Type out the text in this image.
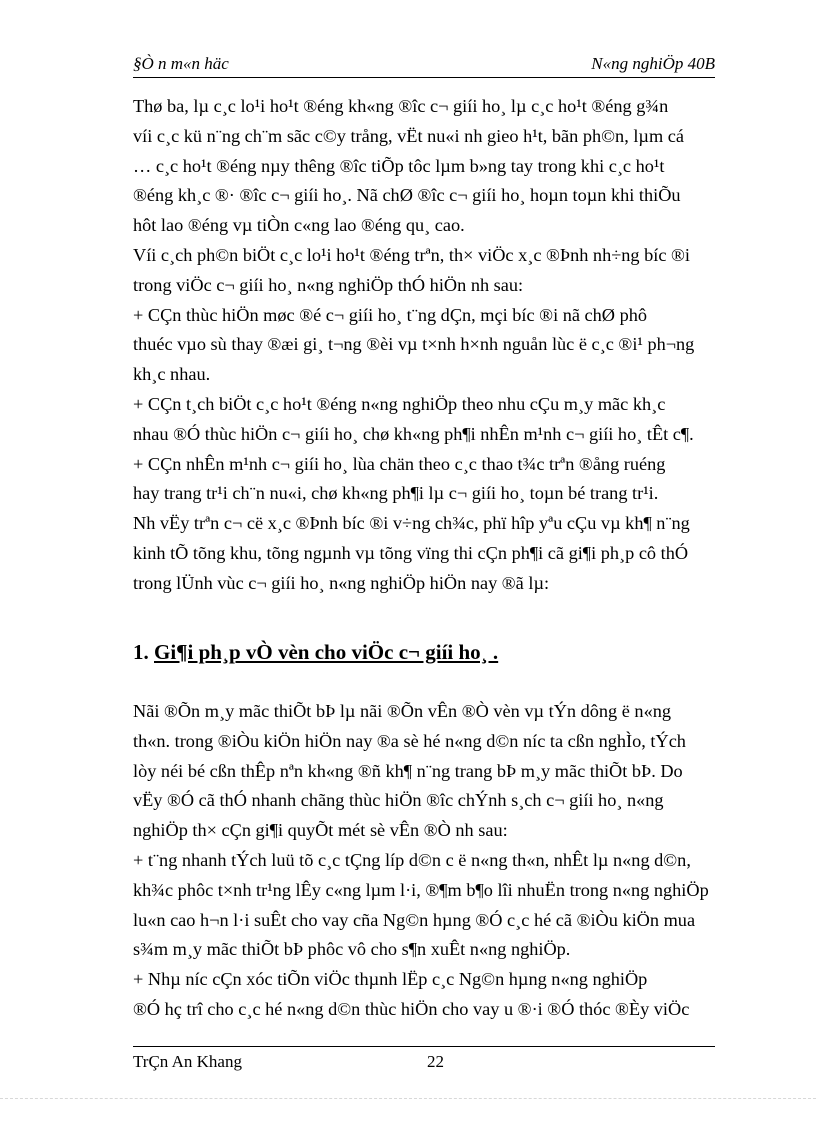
§Ò n m«n häc	N«ng nghiÖp 40B

Thø ba, lµ c¸c lo¹i ho¹t ®éng kh«ng ®îc c¬ giíi ho¸ lµ c¸c ho¹t ®éng g¾n
víi c¸c kü n¨ng ch¨m sãc c©y trång, vËt nu«i nh gieo h¹t, bãn ph©n, lµm cá
… c¸c ho¹t ®éng nµy thêng ®îc tiÕp tôc lµm b»ng tay trong khi c¸c ho¹t
®éng kh¸c ®· ®îc c¬ giíi ho¸. Nã chØ ®îc c¬ giíi ho¸ hoµn toµn khi thiÕu
hôt lao ®éng vµ tiÒn c«ng lao ®éng qu¸ cao.
Víi c¸ch ph©n biÖt c¸c lo¹i ho¹t ®éng trªn, th× viÖc x¸c ®Þnh nh÷ng bíc ®i
trong viÖc c¬ giíi ho¸ n«ng nghiÖp thÓ hiÖn nh sau:
+ CÇn thùc hiÖn møc ®é c¬ giíi ho¸ t¨ng dÇn, mçi bíc ®i nã chØ phô
thuéc vµo sù thay ®æi gi¸ t¬ng ®èi vµ t×nh h×nh nguån lùc ë c¸c ®i¹ ph¬ng
kh¸c nhau.
+ CÇn t¸ch biÖt c¸c ho¹t ®éng n«ng nghiÖp theo nhu cÇu m¸y mãc kh¸c
nhau ®Ó thùc hiÖn c¬ giíi ho¸ chø kh«ng ph¶i nhÊn m¹nh c¬ giíi ho¸ tÊt c¶.
+ CÇn nhÊn m¹nh c¬ giíi ho¸ lùa chän theo c¸c thao t¾c trªn ®ång ruéng
hay trang tr¹i ch¨n nu«i, chø kh«ng ph¶i lµ c¬ giíi ho¸ toµn bé trang tr¹i.
Nh vËy trªn c¬ cë x¸c ®Þnh bíc ®i v÷ng ch¾c, phï hîp yªu cÇu vµ kh¶ n¨ng
kinh tÕ tõng khu, tõng ngµnh vµ tõng vïng thi cÇn ph¶i cã gi¶i ph¸p cô thÓ
trong lÜnh vùc c¬ giíi ho¸ n«ng nghiÖp hiÖn nay ®ã lµ:

1. Gi¶i ph¸p vÒ vèn cho viÖc c¬ giíi ho¸ .

Nãi ®Õn m¸y mãc thiÕt bÞ lµ nãi ®Õn vÊn ®Ò vèn vµ tÝn dông ë n«ng
th«n. trong ®iÒu kiÖn hiÖn nay ®a sè hé n«ng d©n níc ta cßn nghÌo, tÝch
lòy néi bé cßn thÊp nªn kh«ng ®ñ kh¶ n¨ng trang bÞ m¸y mãc thiÕt bÞ. Do
vËy ®Ó cã thÓ nhanh chãng thùc hiÖn ®îc chÝnh s¸ch c¬ giíi ho¸ n«ng
nghiÖp th× cÇn gi¶i quyÕt mét sè vÊn ®Ò nh sau:
+ t¨ng nhanh tÝch luü tõ c¸c tÇng líp d©n c ë n«ng th«n, nhÊt lµ n«ng d©n,
kh¾c phôc t×nh tr¹ng lÊy c«ng lµm l·i, ®¶m b¶o lîi nhuËn trong n«ng nghiÖp
lu«n cao h¬n l·i suÊt cho vay cña Ng©n hµng ®Ó c¸c hé cã ®iÒu kiÖn mua
s¾m m¸y mãc thiÕt bÞ phôc vô cho s¶n xuÊt n«ng nghiÖp.
+ Nhµ níc cÇn xóc tiÕn viÖc thµnh lËp c¸c Ng©n hµng n«ng nghiÖp
®Ó hç trî cho c¸c hé n«ng d©n thùc hiÖn cho vay u ®·i ®Ó thóc ®Èy viÖc

TrÇn An Khang	22
